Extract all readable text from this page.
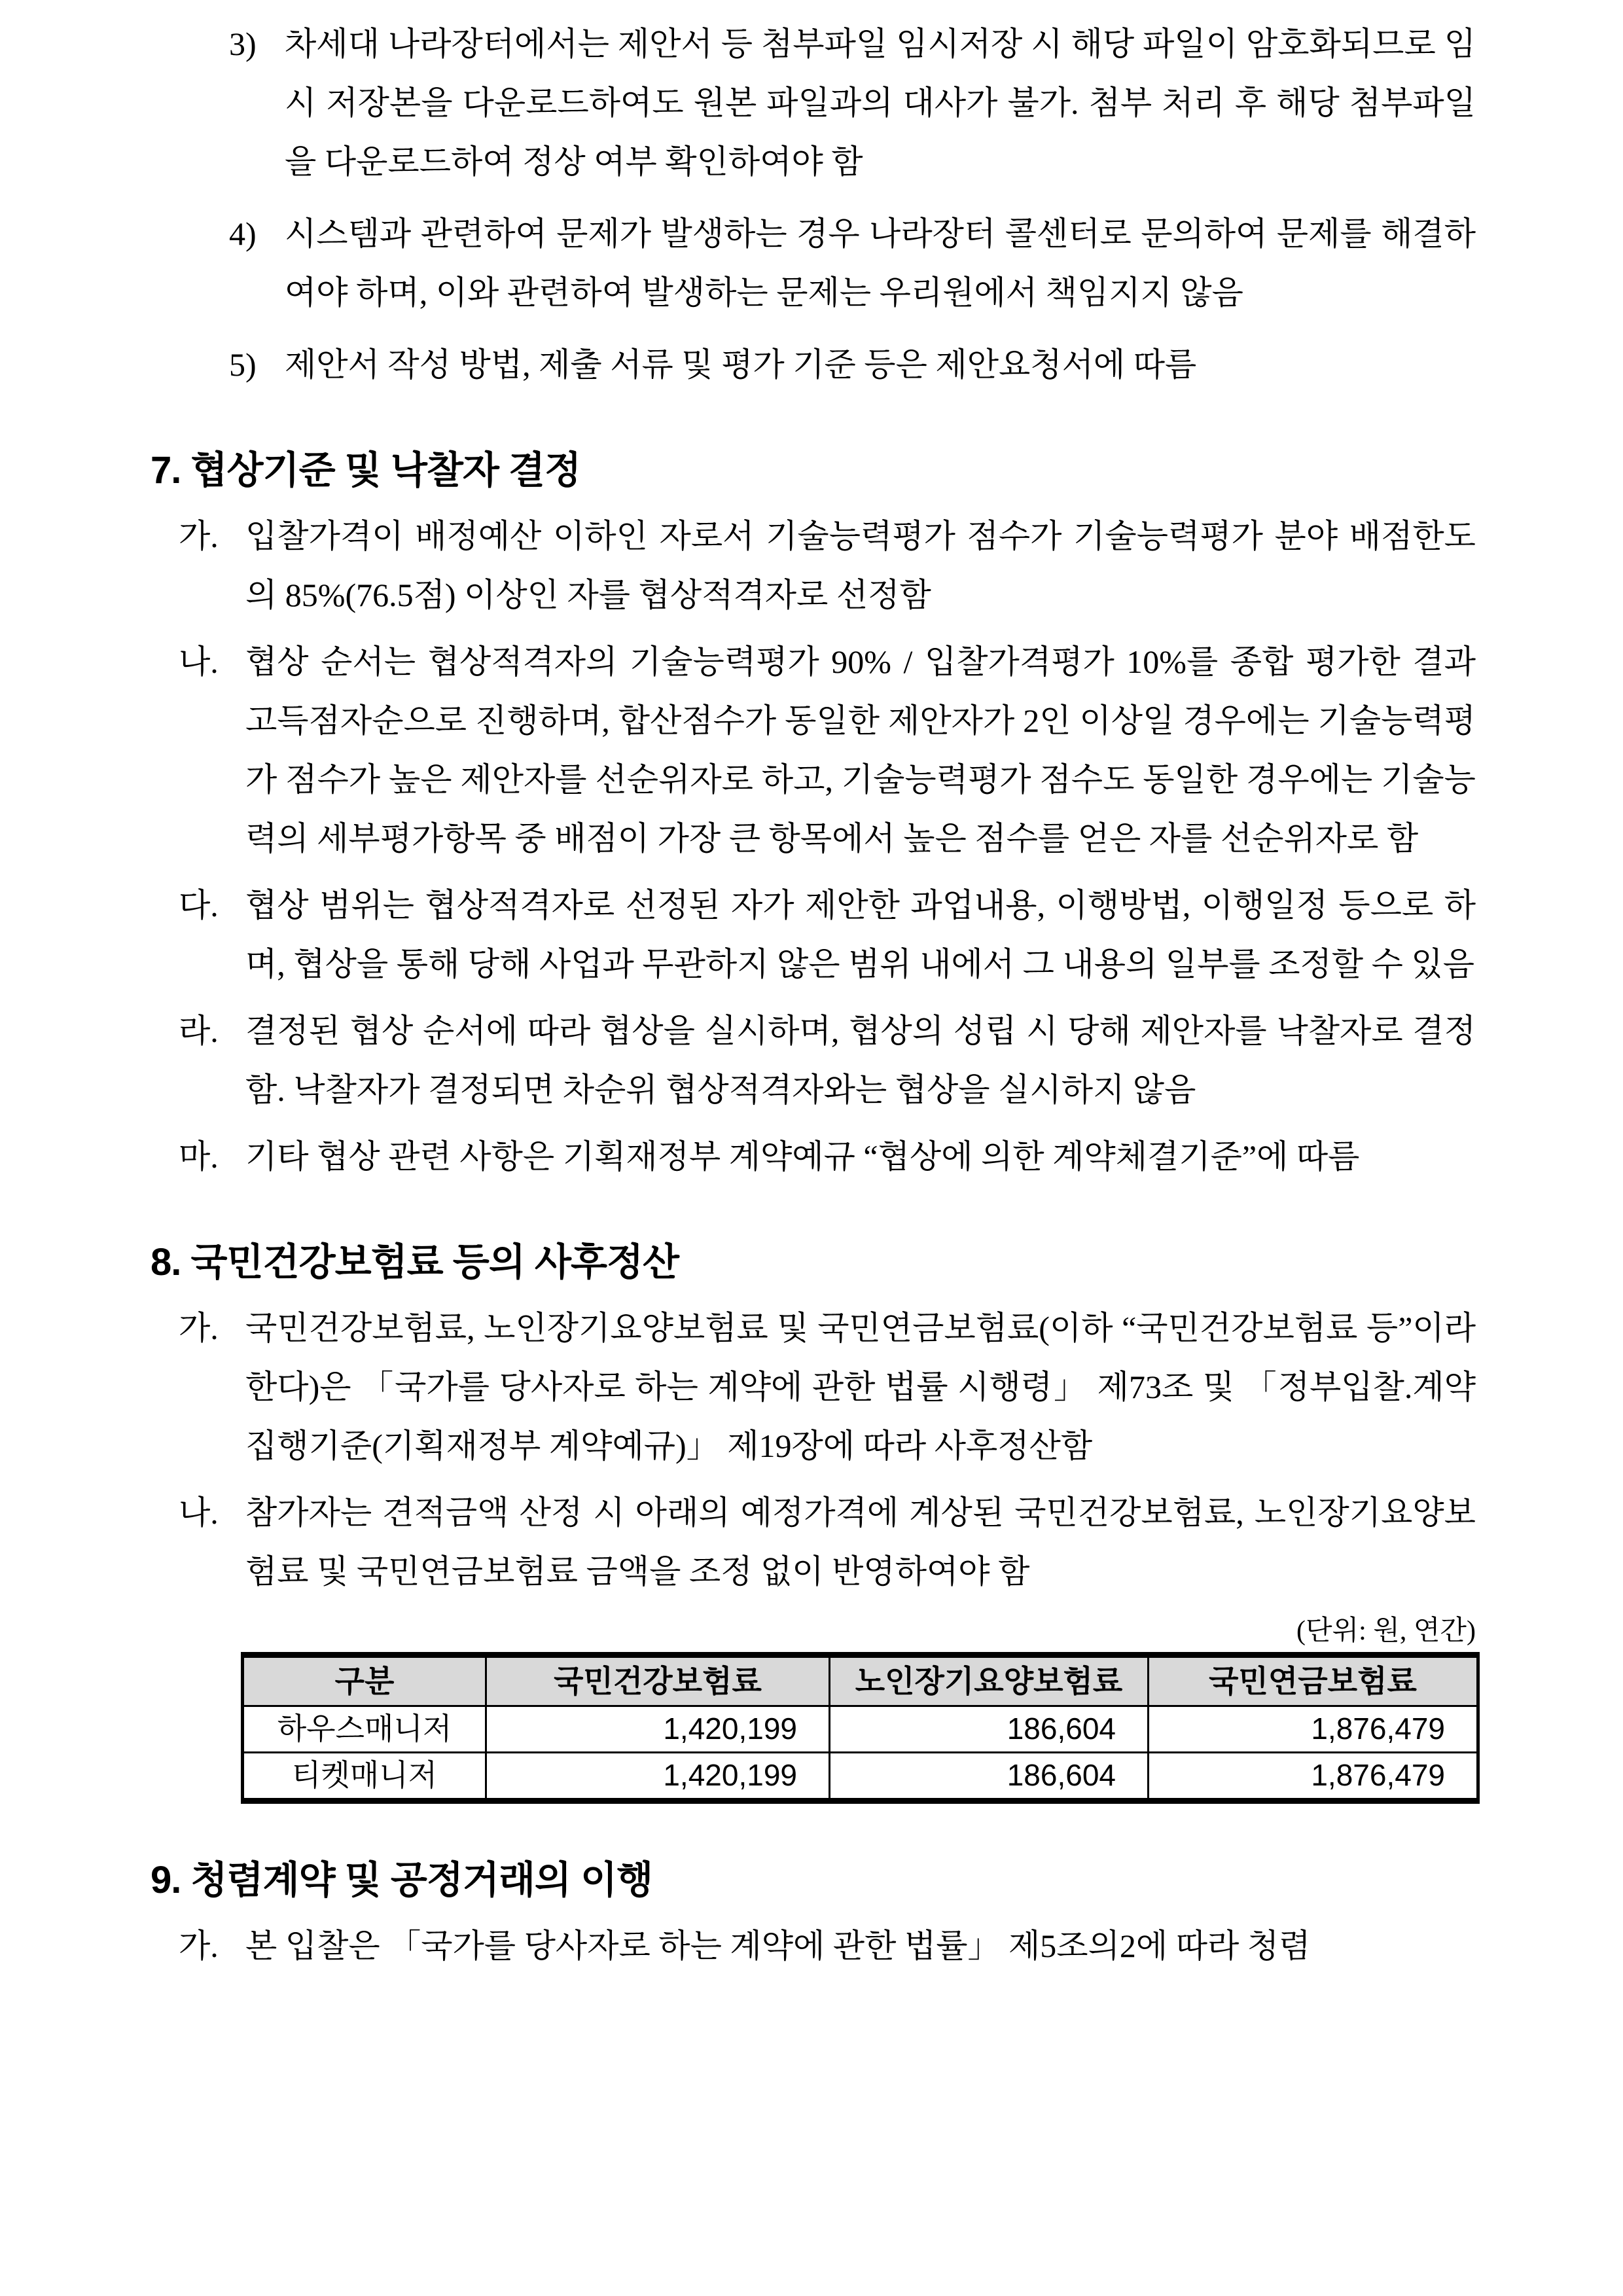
3) 차세대 나라장터에서는 제안서 등 첨부파일 임시저장 시 해당 파일이 암호화되므로 임시 저장본을 다운로드하여도 원본 파일과의 대사가 불가. 첨부 처리 후 해당 첨부파일을 다운로드하여 정상 여부 확인하여야 함
4) 시스템과 관련하여 문제가 발생하는 경우 나라장터 콜센터로 문의하여 문제를 해결하여야 하며, 이와 관련하여 발생하는 문제는 우리원에서 책임지지 않음
5) 제안서 작성 방법, 제출 서류 및 평가 기준 등은 제안요청서에 따름
7. 협상기준 및 낙찰자 결정
가. 입찰가격이 배정예산 이하인 자로서 기술능력평가 점수가 기술능력평가 분야 배점한도의 85%(76.5점) 이상인 자를 협상적격자로 선정함
나. 협상 순서는 협상적격자의 기술능력평가 90% / 입찰가격평가 10%를 종합 평가한 결과 고득점자순으로 진행하며, 합산점수가 동일한 제안자가 2인 이상일 경우에는 기술능력평가 점수가 높은 제안자를 선순위자로 하고, 기술능력평가 점수도 동일한 경우에는 기술능력의 세부평가항목 중 배점이 가장 큰 항목에서 높은 점수를 얻은 자를 선순위자로 함
다. 협상 범위는 협상적격자로 선정된 자가 제안한 과업내용, 이행방법, 이행일정 등으로 하며, 협상을 통해 당해 사업과 무관하지 않은 범위 내에서 그 내용의 일부를 조정할 수 있음
라. 결정된 협상 순서에 따라 협상을 실시하며, 협상의 성립 시 당해 제안자를 낙찰자로 결정함. 낙찰자가 결정되면 차순위 협상적격자와는 협상을 실시하지 않음
마. 기타 협상 관련 사항은 기획재정부 계약예규 “협상에 의한 계약체결기준”에 따름
8. 국민건강보험료 등의 사후정산
가. 국민건강보험료, 노인장기요양보험료 및 국민연금보험료(이하 “국민건강보험료 등”이라 한다)은 「국가를 당사자로 하는 계약에 관한 법률 시행령」 제73조 및 「정부입찰.계약 집행기준(기획재정부 계약예규)」 제19장에 따라 사후정산함
나. 참가자는 견적금액 산정 시 아래의 예정가격에 계상된 국민건강보험료, 노인장기요양보험료 및 국민연금보험료 금액을 조정 없이 반영하여야 함
(단위: 원, 연간)
구분	국민건강보험료	노인장기요양보험료	국민연금보험료
하우스매니저	1,420,199	186,604	1,876,479
티켓매니저	1,420,199	186,604	1,876,479
9. 청렴계약 및 공정거래의 이행
가. 본 입찰은 「국가를 당사자로 하는 계약에 관한 법률」 제5조의2에 따라 청렴
